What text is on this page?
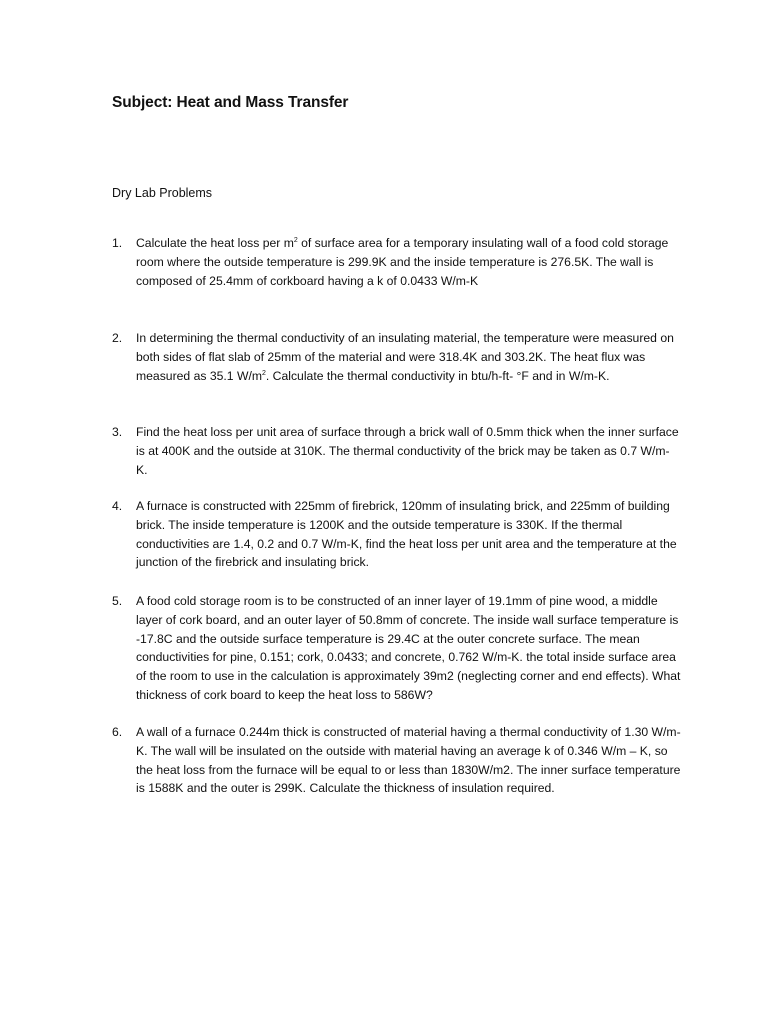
Subject: Heat and Mass Transfer
Dry Lab Problems
1.	Calculate the heat loss per $m^2$ of surface area for a temporary insulating wall of a food cold storage room where the outside temperature is 299.9K and the inside temperature is 276.5K. The wall is composed of 25.4mm of corkboard having a k of 0.0433 W/m-K
2.	In determining the thermal conductivity of an insulating material, the temperature were measured on both sides of flat slab of 25mm of the material and were 318.4K and 303.2K. The heat flux was measured as 35.1 $W/m^2$. Calculate the thermal conductivity in btu/h-ft- °F and in W/m-K.
3.	Find the heat loss per unit area of surface through a brick wall of 0.5mm thick when the inner surface is at 400K and the outside at 310K. The thermal conductivity of the brick may be taken as 0.7 W/m- K.
4.	A furnace is constructed with 225mm of firebrick, 120mm of insulating brick, and 225mm of building brick. The inside temperature is 1200K and the outside temperature is 330K. If the thermal conductivities are 1.4, 0.2 and 0.7 W/m-K, find the heat loss per unit area and the temperature at the junction of the firebrick and insulating brick.
5.	A food cold storage room is to be constructed of an inner layer of 19.1mm of pine wood, a middle layer of cork board, and an outer layer of 50.8mm of concrete. The inside wall surface temperature is -17.8C and the outside surface temperature is 29.4C at the outer concrete surface. The mean conductivities for pine, 0.151; cork, 0.0433; and concrete, 0.762 W/m-K. the total inside surface area of the room to use in the calculation is approximately 39m2 (neglecting corner and end effects). What thickness of cork board to keep the heat loss to 586W?
6.	A wall of a furnace 0.244m thick is constructed of material having a thermal conductivity of 1.30 W/m-K. The wall will be insulated on the outside with material having an average k of 0.346 W/m – K, so the heat loss from the furnace will be equal to or less than 1830W/m2. The inner surface temperature is 1588K and the outer is 299K. Calculate the thickness of insulation required.
